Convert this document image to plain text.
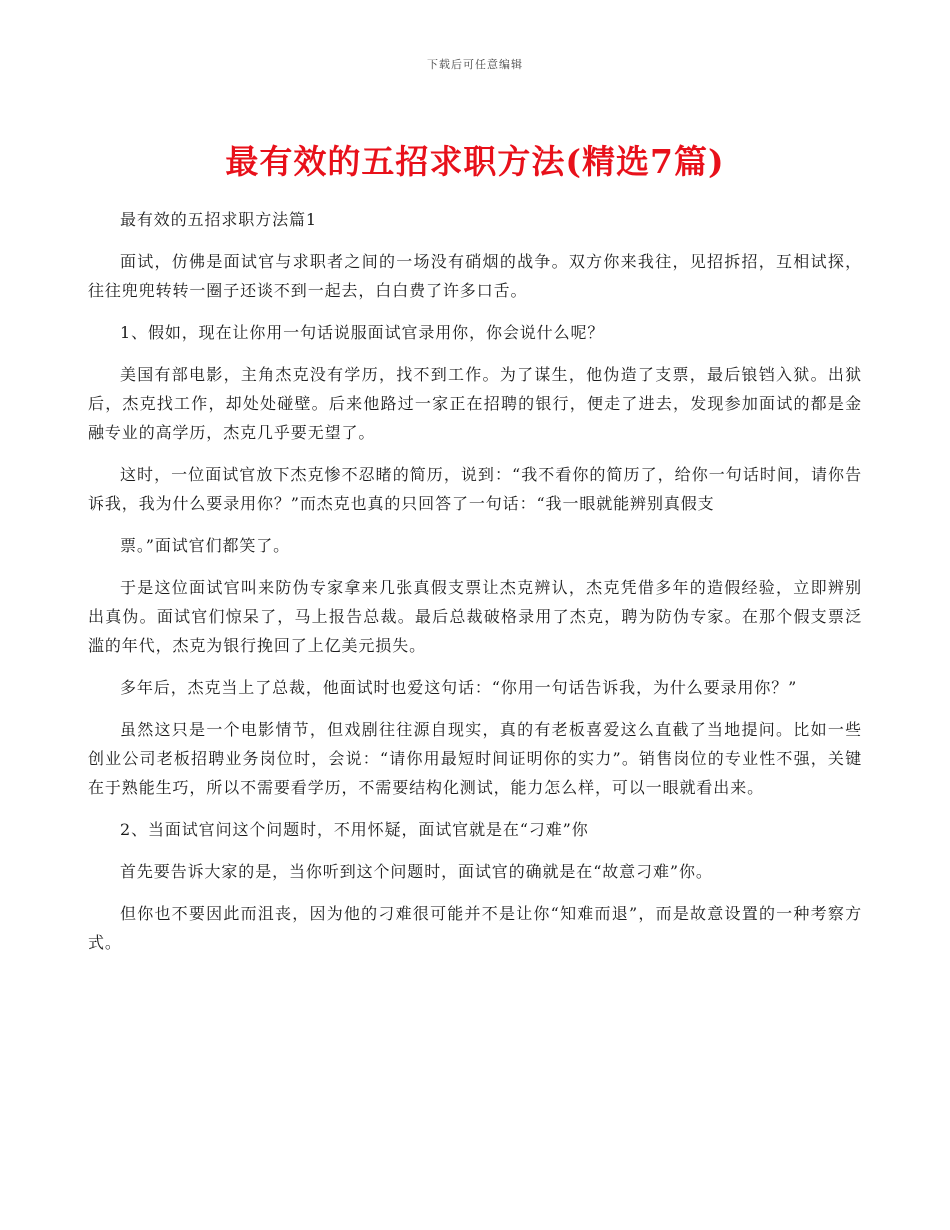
下载后可任意编辑
最有效的五招求职方法(精选7篇)

最有效的五招求职方法篇1

面试，仿佛是面试官与求职者之间的一场没有硝烟的战争。双方你来我往，见招拆招，互相试探，往往兜兜转转一圈子还谈不到一起去，白白费了许多口舌。

1、假如，现在让你用一句话说服面试官录用你，你会说什么呢？

美国有部电影，主角杰克没有学历，找不到工作。为了谋生，他伪造了支票，最后锒铛入狱。出狱后，杰克找工作，却处处碰壁。后来他路过一家正在招聘的银行，便走了进去，发现参加面试的都是金融专业的高学历，杰克几乎要无望了。

这时，一位面试官放下杰克惨不忍睹的简历，说到：“我不看你的简历了，给你一句话时间，请你告诉我，我为什么要录用你？”而杰克也真的只回答了一句话：“我一眼就能辨别真假支

票。”面试官们都笑了。

于是这位面试官叫来防伪专家拿来几张真假支票让杰克辨认，杰克凭借多年的造假经验，立即辨别出真伪。面试官们惊呆了，马上报告总裁。最后总裁破格录用了杰克，聘为防伪专家。在那个假支票泛滥的年代，杰克为银行挽回了上亿美元损失。

多年后，杰克当上了总裁，他面试时也爱这句话：“你用一句话告诉我，为什么要录用你？”

虽然这只是一个电影情节，但戏剧往往源自现实，真的有老板喜爱这么直截了当地提问。比如一些创业公司老板招聘业务岗位时，会说：“请你用最短时间证明你的实力”。销售岗位的专业性不强，关键在于熟能生巧，所以不需要看学历，不需要结构化测试，能力怎么样，可以一眼就看出来。

2、当面试官问这个问题时，不用怀疑，面试官就是在“刁难”你

首先要告诉大家的是，当你听到这个问题时，面试官的确就是在“故意刁难”你。

但你也不要因此而沮丧，因为他的刁难很可能并不是让你“知难而退”，而是故意设置的一种考察方式。
